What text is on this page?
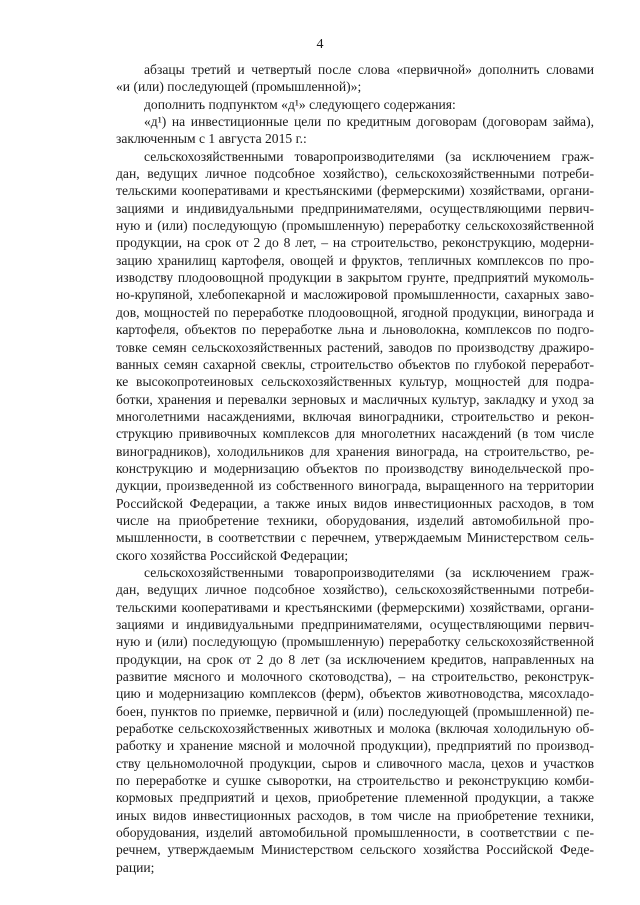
4
абзацы третий и четвертый после слова «первичной» дополнить словами
«и (или) последующей (промышленной)»;
дополнить подпунктом «д¹» следующего содержания:
«д¹) на инвестиционные цели по кредитным договорам (договорам займа),
заключенным с 1 августа 2015 г.:
сельскохозяйственными товаропроизводителями (за исключением граж-
дан, ведущих личное подсобное хозяйство), сельскохозяйственными потреби-
тельскими кооперативами и крестьянскими (фермерскими) хозяйствами, органи-
зациями и индивидуальными предпринимателями, осуществляющими первич-
ную и (или) последующую (промышленную) переработку сельскохозяйственной
продукции, на срок от 2 до 8 лет, – на строительство, реконструкцию, модерни-
зацию хранилищ картофеля, овощей и фруктов, тепличных комплексов по про-
изводству плодоовощной продукции в закрытом грунте, предприятий мукомоль-
но-крупяной, хлебопекарной и масложировой промышленности, сахарных заво-
дов, мощностей по переработке плодоовощной, ягодной продукции, винограда и
картофеля, объектов по переработке льна и льноволокна, комплексов по подго-
товке семян сельскохозяйственных растений, заводов по производству дражиро-
ванных семян сахарной свеклы, строительство объектов по глубокой переработ-
ке высокопротеиновых сельскохозяйственных культур, мощностей для подра-
ботки, хранения и перевалки зерновых и масличных культур, закладку и уход за
многолетними насаждениями, включая виноградники, строительство и рекон-
струкцию прививочных комплексов для многолетних насаждений (в том числе
виноградников), холодильников для хранения винограда, на строительство, ре-
конструкцию и модернизацию объектов по производству винодельческой про-
дукции, произведенной из собственного винограда, выращенного на территории
Российской Федерации, а также иных видов инвестиционных расходов, в том
числе на приобретение техники, оборудования, изделий автомобильной про-
мышленности, в соответствии с перечнем, утверждаемым Министерством сель-
ского хозяйства Российской Федерации;
сельскохозяйственными товаропроизводителями (за исключением граж-
дан, ведущих личное подсобное хозяйство), сельскохозяйственными потреби-
тельскими кооперативами и крестьянскими (фермерскими) хозяйствами, органи-
зациями и индивидуальными предпринимателями, осуществляющими первич-
ную и (или) последующую (промышленную) переработку сельскохозяйственной
продукции, на срок от 2 до 8 лет (за исключением кредитов, направленных на
развитие мясного и молочного скотоводства), – на строительство, реконструк-
цию и модернизацию комплексов (ферм), объектов животноводства, мясохладо-
боен, пунктов по приемке, первичной и (или) последующей (промышленной) пе-
реработке сельскохозяйственных животных и молока (включая холодильную об-
работку и хранение мясной и молочной продукции), предприятий по производ-
ству цельномолочной продукции, сыров и сливочного масла, цехов и участков
по переработке и сушке сыворотки, на строительство и реконструкцию комби-
кормовых предприятий и цехов, приобретение племенной продукции, а также
иных видов инвестиционных расходов, в том числе на приобретение техники,
оборудования, изделий автомобильной промышленности, в соответствии с пе-
речнем, утверждаемым Министерством сельского хозяйства Российской Феде-
рации;
